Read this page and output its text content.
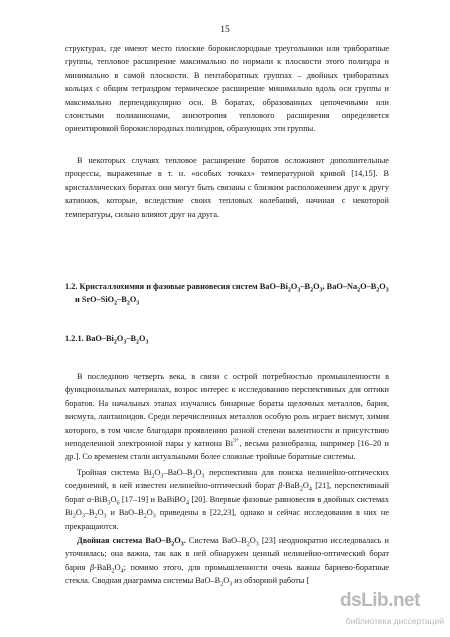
15

структурах, где имеют место плоские борокислородные треугольники или триборатные группы, тепловое расширение максимально по нормали к плоскости этого полиэдра и минимально в самой плоскости. В пентаборатных группах – двойных триборатных кольцах с общим тетраэдром термическое расширение минимально вдоль оси группы и максимально перпендикулярно оси. В боратах, образованных цепочечными или слоистыми полианионами, анизотропия теплового расширения определяется ориентировкой борокислородных полиэдров, образующих эти группы.

В некоторых случаях тепловое расширение боратов осложняют дополнительные процессы, выраженные в т. н. «особых точках» температурной кривой [14,15]. В кристаллических боратах они могут быть связаны с близким расположением друг к другу катионов, которые, вследствие своих тепловых колебаний, начиная с некоторой температуры, сильно влияют друг на друга.

1.2. Кристаллохимия и фазовые равновесия систем BaO–$Bi_2O_3-B_2O_3$, BaO–$Na_2O-B_2O_3$
и SrO–$SiO_2-B_2O_3$
1.2.1. BaO–$Bi_2O_3-B_2O_3$

В последнюю четверть века, в связи с острой потребностью промышленности в функциональных материалах, возрос интерес к исследованию перспективных для оптики боратов. На начальных этапах изучались бинарные бораты щелочных металлов, бария, висмута, лантаноидов. Среди перечисленных металлов особую роль играет висмут, химия которого, в том числе благодаря проявлению разной степени валентности и присутствию неподеленной электронной пары у катиона $Bi^{3+}$, весьма разнобразна, например [16–20 и др.]. Со временем стали актуальными более сложные тройные боратные системы.

Тройная система $Bi_2O_3-BaO-B_2O_3$ перспективна для поиска нелинейно-оптических соединений, в ней известен нелинейно-оптический борат $\beta-BaB_2O_4$ [21], перспективный борат $\alpha-BiB_3O_6$ [17–19] и BaBiBO$_4$ [20]. Впервые фазовые равновесия в двойных системах $Bi_2O_3-B_2O_3$ и BaO–$B_2O_3$ приведены в [22,23], однако и сейчас исследования в них не прекращаются.

Двойная система BaO–$B_2O_3$. Система BaO–$B_2O_3$ [23] неоднократно исследовалась и уточнялась; она важна, так как в ней обнаружен ценный нелинейно-оптический борат бария $\beta-BaB_2O_4$; помимо этого, для промышленности очень важны бариево-боратные стекла. Сводная диаграмма системы BaO–$B_2O_3$ из обзорной работы [

dsLib.net
библиотека диссертаций
